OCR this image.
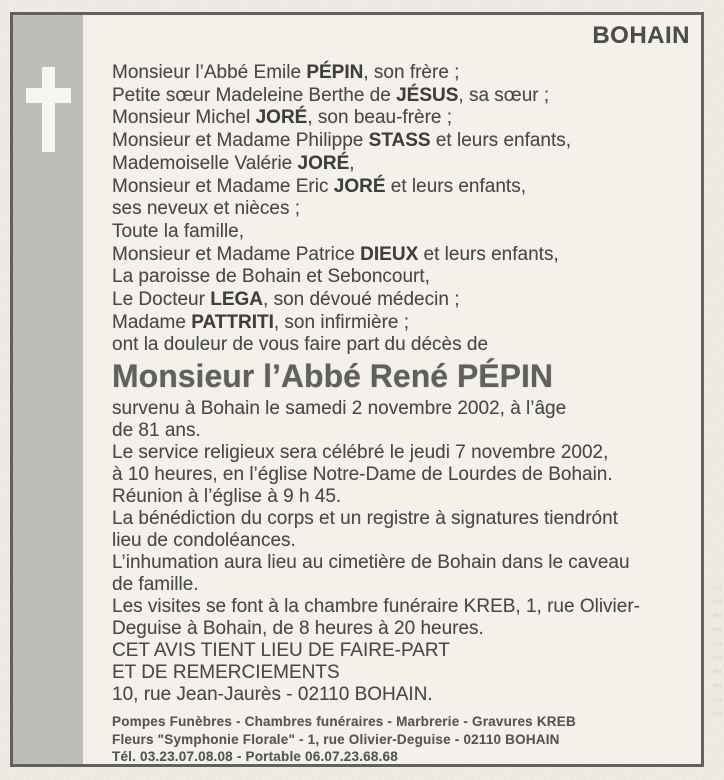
BOHAIN

Monsieur l’Abbé Emile PÉPIN, son frère ;

Petite sœur Madeleine Berthe de JÉSUS, sa sœur ;

Monsieur Michel JORÉ, son beau-frère ;

Monsieur et Madame Philippe STASS et leurs enfants,

Mademoiselle Valérie JORÉ,

Monsieur et Madame Eric JORÉ et leurs enfants,

ses neveux et nièces ;

Toute la famille,

Monsieur et Madame Patrice DIEUX et leurs enfants,

La paroisse de Bohain et Seboncourt,

Le Docteur LEGA, son dévoué médecin ;

Madame PATTRITI, son infirmière ;

ont la douleur de vous faire part du décès de

Monsieur l’Abbé René PÉPIN
survenu à Bohain le samedi 2 novembre 2002, à l’âge
de 81 ans.
Le service religieux sera célébré le jeudi 7 novembre 2002,
à 10 heures, en l’église Notre-Dame de Lourdes de Bohain.
Réunion à l’église à 9 h 45.
La bénédiction du corps et un registre à signatures tiendrónt
lieu de condoléances.
L’inhumation aura lieu au cimetière de Bohain dans le caveau
de famille.
Les visites se font à la chambre funéraire KREB, 1, rue Olivier-
Deguise à Bohain, de 8 heures à 20 heures.
CET AVIS TIENT LIEU DE FAIRE-PART
ET DE REMERCIEMENTS
10, rue Jean-Jaurès - 02110 BOHAIN.

Pompes Funèbres - Chambres funéraires - Marbrerie - Gravures KREB

Fleurs "Symphonie Florale" - 1, rue Olivier-Deguise - 02110 BOHAIN

Tél. 03.23.07.08.08 - Portable 06.07.23.68.68
